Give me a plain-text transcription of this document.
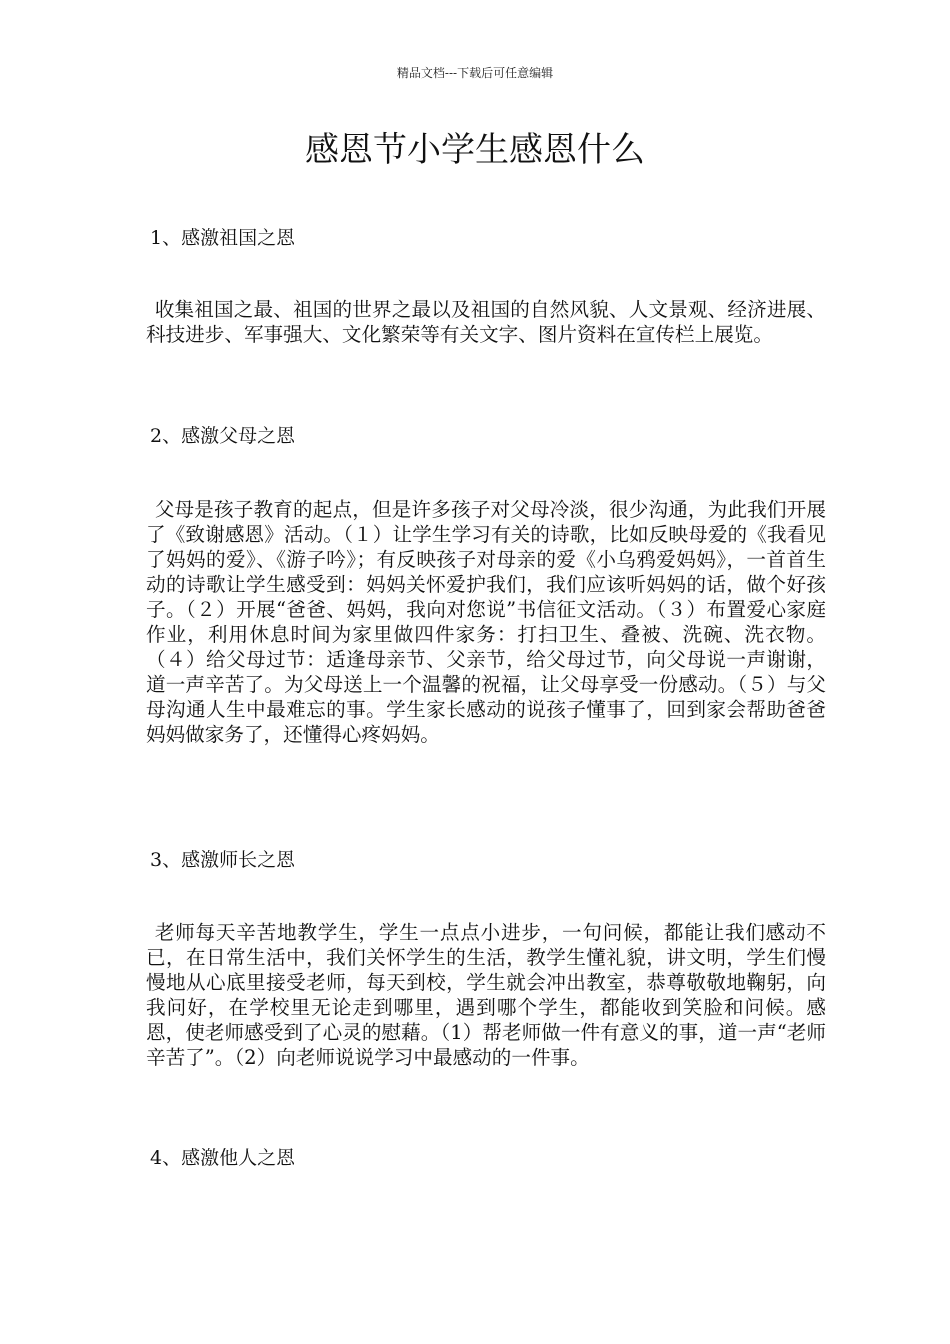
精品文档---下载后可任意编辑
感恩节小学生感恩什么
1、感激祖国之恩

收集祖国之最、祖国的世界之最以及祖国的自然风貌、人文景观、经济进展、科技进步、军事强大、文化繁荣等有关文字、图片资料在宣传栏上展览。

2、感激父母之恩

父母是孩子教育的起点，但是许多孩子对父母冷淡，很少沟通，为此我们开展了《致谢感恩》活动。（１）让学生学习有关的诗歌，比如反映母爱的《我看见了妈妈的爱》、《游子吟》；有反映孩子对母亲的爱《小乌鸦爱妈妈》，一首首生动的诗歌让学生感受到：妈妈关怀爱护我们，我们应该听妈妈的话，做个好孩子。（２）开展“爸爸、妈妈，我向对您说”书信征文活动。（３）布置爱心家庭作业，利用休息时间为家里做四件家务：打扫卫生、叠被、洗碗、洗衣物。（４）给父母过节：适逢母亲节、父亲节，给父母过节，向父母说一声谢谢，道一声辛苦了。为父母送上一个温馨的祝福，让父母享受一份感动。（５）与父母沟通人生中最难忘的事。学生家长感动的说孩子懂事了，回到家会帮助爸爸妈妈做家务了，还懂得心疼妈妈。

3、感激师长之恩

老师每天辛苦地教学生，学生一点点小进步，一句问候，都能让我们感动不已，在日常生活中，我们关怀学生的生活，教学生懂礼貌，讲文明，学生们慢慢地从心底里接受老师，每天到校，学生就会冲出教室，恭尊敬敬地鞠躬，向我问好，在学校里无论走到哪里，遇到哪个学生，都能收到笑脸和问候。感恩，使老师感受到了心灵的慰藉。（1）帮老师做一件有意义的事，道一声“老师辛苦了”。（2）向老师说说学习中最感动的一件事。

4、感激他人之恩
